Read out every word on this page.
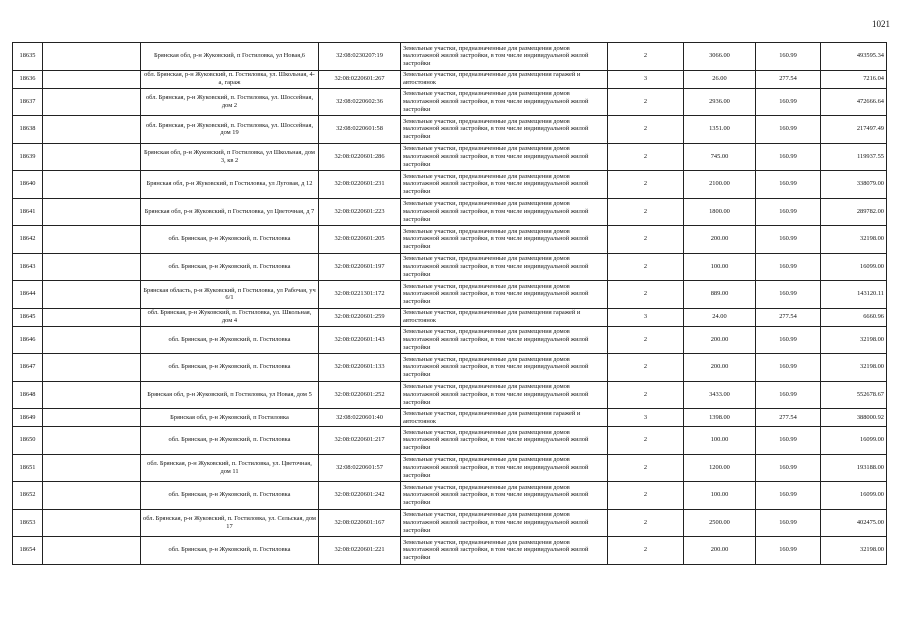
1021
18635		Брянская обл, р-н Жуковский, п Гостиловка, ул Новая,6	32:08:0230207:19	Земельные участки, предназначенные для размещения домов малоэтажной жилой застройки, в том числе индивидуальной жилой застройки	2	3066.00	160.99	493595.34
18636		обл. Брянская, р-н Жуковский, п. Гостиловка, ул. Школьная, 4-а, гараж	32:08:0220601:267	Земельные участки, предназначенные для размещения гаражей и автостоянок	3	26.00	277.54	7216.04
18637		обл. Брянская, р-н Жуковский, п. Гостиловка, ул. Шоссейная, дом 2	32:08:0220602:36	Земельные участки, предназначенные для размещения домов малоэтажной жилой застройки, в том числе индивидуальной жилой застройки	2	2936.00	160.99	472666.64
18638		обл. Брянская, р-н Жуковский, п. Гостиловка, ул. Шоссейная, дом 19	32:08:0220601:58	Земельные участки, предназначенные для размещения домов малоэтажной жилой застройки, в том числе индивидуальной жилой застройки	2	1351.00	160.99	217497.49
18639		Брянская обл, р-н Жуковский, п Гостиловка, ул Школьная, дом 3, кв 2	32:08:0220601:286	Земельные участки, предназначенные для размещения домов малоэтажной жилой застройки, в том числе индивидуальной жилой застройки	2	745.00	160.99	119937.55
18640		Брянская обл, р-н Жуковский, п Гостиловка, ул Луговая, д 12	32:08:0220601:231	Земельные участки, предназначенные для размещения домов малоэтажной жилой застройки, в том числе индивидуальной жилой застройки	2	2100.00	160.99	338079.00
18641		Брянская обл, р-н Жуковский, п Гостиловка, ул Цветочная, д 7	32:08:0220601:223	Земельные участки, предназначенные для размещения домов малоэтажной жилой застройки, в том числе индивидуальной жилой застройки	2	1800.00	160.99	289782.00
18642		обл. Брянская, р-н Жуковский, п. Гостиловка	32:08:0220601:205	Земельные участки, предназначенные для размещения домов малоэтажной жилой застройки, в том числе индивидуальной жилой застройки	2	200.00	160.99	32198.00
18643		обл. Брянская, р-н Жуковский, п. Гостиловка	32:08:0220601:197	Земельные участки, предназначенные для размещения домов малоэтажной жилой застройки, в том числе индивидуальной жилой застройки	2	100.00	160.99	16099.00
18644		Брянская область, р-н Жуковский, п Гостиловка, ул Рабочая, уч 6/1	32:08:0221301:172	Земельные участки, предназначенные для размещения домов малоэтажной жилой застройки, в том числе индивидуальной жилой застройки	2	889.00	160.99	143120.11
18645		обл. Брянская, р-н Жуковский, п. Гостиловка, ул. Школьная, дом 4	32:08:0220601:259	Земельные участки, предназначенные для размещения гаражей и автостоянок	3	24.00	277.54	6660.96
18646		обл. Брянская, р-н Жуковский, п. Гостиловка	32:08:0220601:143	Земельные участки, предназначенные для размещения домов малоэтажной жилой застройки, в том числе индивидуальной жилой застройки	2	200.00	160.99	32198.00
18647		обл. Брянская, р-н Жуковский, п. Гостиловка	32:08:0220601:133	Земельные участки, предназначенные для размещения домов малоэтажной жилой застройки, в том числе индивидуальной жилой застройки	2	200.00	160.99	32198.00
18648		Брянская обл, р-н Жуковский, п Гостиловка, ул Новая, дом 5	32:08:0220601:252	Земельные участки, предназначенные для размещения домов малоэтажной жилой застройки, в том числе индивидуальной жилой застройки	2	3433.00	160.99	552678.67
18649		Брянская обл, р-н Жуковский, п Гостиловка	32:08:0220601:40	Земельные участки, предназначенные для размещения гаражей и автостоянок	3	1398.00	277.54	388000.92
18650		обл. Брянская, р-н Жуковский, п. Гостиловка	32:08:0220601:217	Земельные участки, предназначенные для размещения домов малоэтажной жилой застройки, в том числе индивидуальной жилой застройки	2	100.00	160.99	16099.00
18651		обл. Брянская, р-н Жуковский, п. Гостиловка, ул. Цветочная, дом 11	32:08:0220601:57	Земельные участки, предназначенные для размещения домов малоэтажной жилой застройки, в том числе индивидуальной жилой застройки	2	1200.00	160.99	193188.00
18652		обл. Брянская, р-н Жуковский, п. Гостиловка	32:08:0220601:242	Земельные участки, предназначенные для размещения домов малоэтажной жилой застройки, в том числе индивидуальной жилой застройки	2	100.00	160.99	16099.00
18653		обл. Брянская, р-н Жуковский, п. Гостиловка, ул. Сельская, дом 17	32:08:0220601:167	Земельные участки, предназначенные для размещения домов малоэтажной жилой застройки, в том числе индивидуальной жилой застройки	2	2500.00	160.99	402475.00
18654		обл. Брянская, р-н Жуковский, п. Гостиловка	32:08:0220601:221	Земельные участки, предназначенные для размещения домов малоэтажной жилой застройки, в том числе индивидуальной жилой застройки	2	200.00	160.99	32198.00
